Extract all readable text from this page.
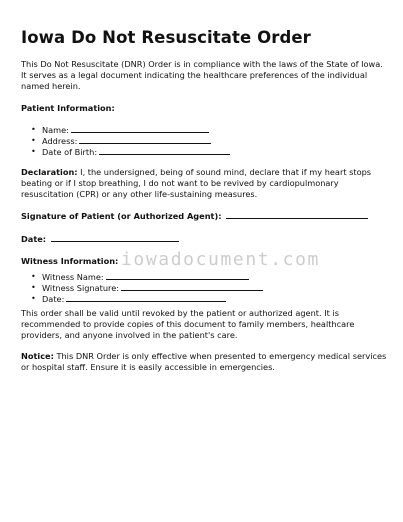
Iowa Do Not Resuscitate Order

This Do Not Resuscitate (DNR) Order is in compliance with the laws of the State of Iowa. It serves as a legal document indicating the healthcare preferences of the individual named herein.

Patient Information:

• Name:
• Address:
• Date of Birth:

Declaration: I, the undersigned, being of sound mind, declare that if my heart stops beating or if I stop breathing, I do not want to be revived by cardiopulmonary resuscitation (CPR) or any other life-sustaining measures.

Signature of Patient (or Authorized Agent):

Date:

Witness Information:

• Witness Name:
• Witness Signature:
• Date:

This order shall be valid until revoked by the patient or authorized agent. It is recommended to provide copies of this document to family members, healthcare providers, and anyone involved in the patient's care.

Notice: This DNR Order is only effective when presented to emergency medical services or hospital staff. Ensure it is easily accessible in emergencies.

iowadocument.com
